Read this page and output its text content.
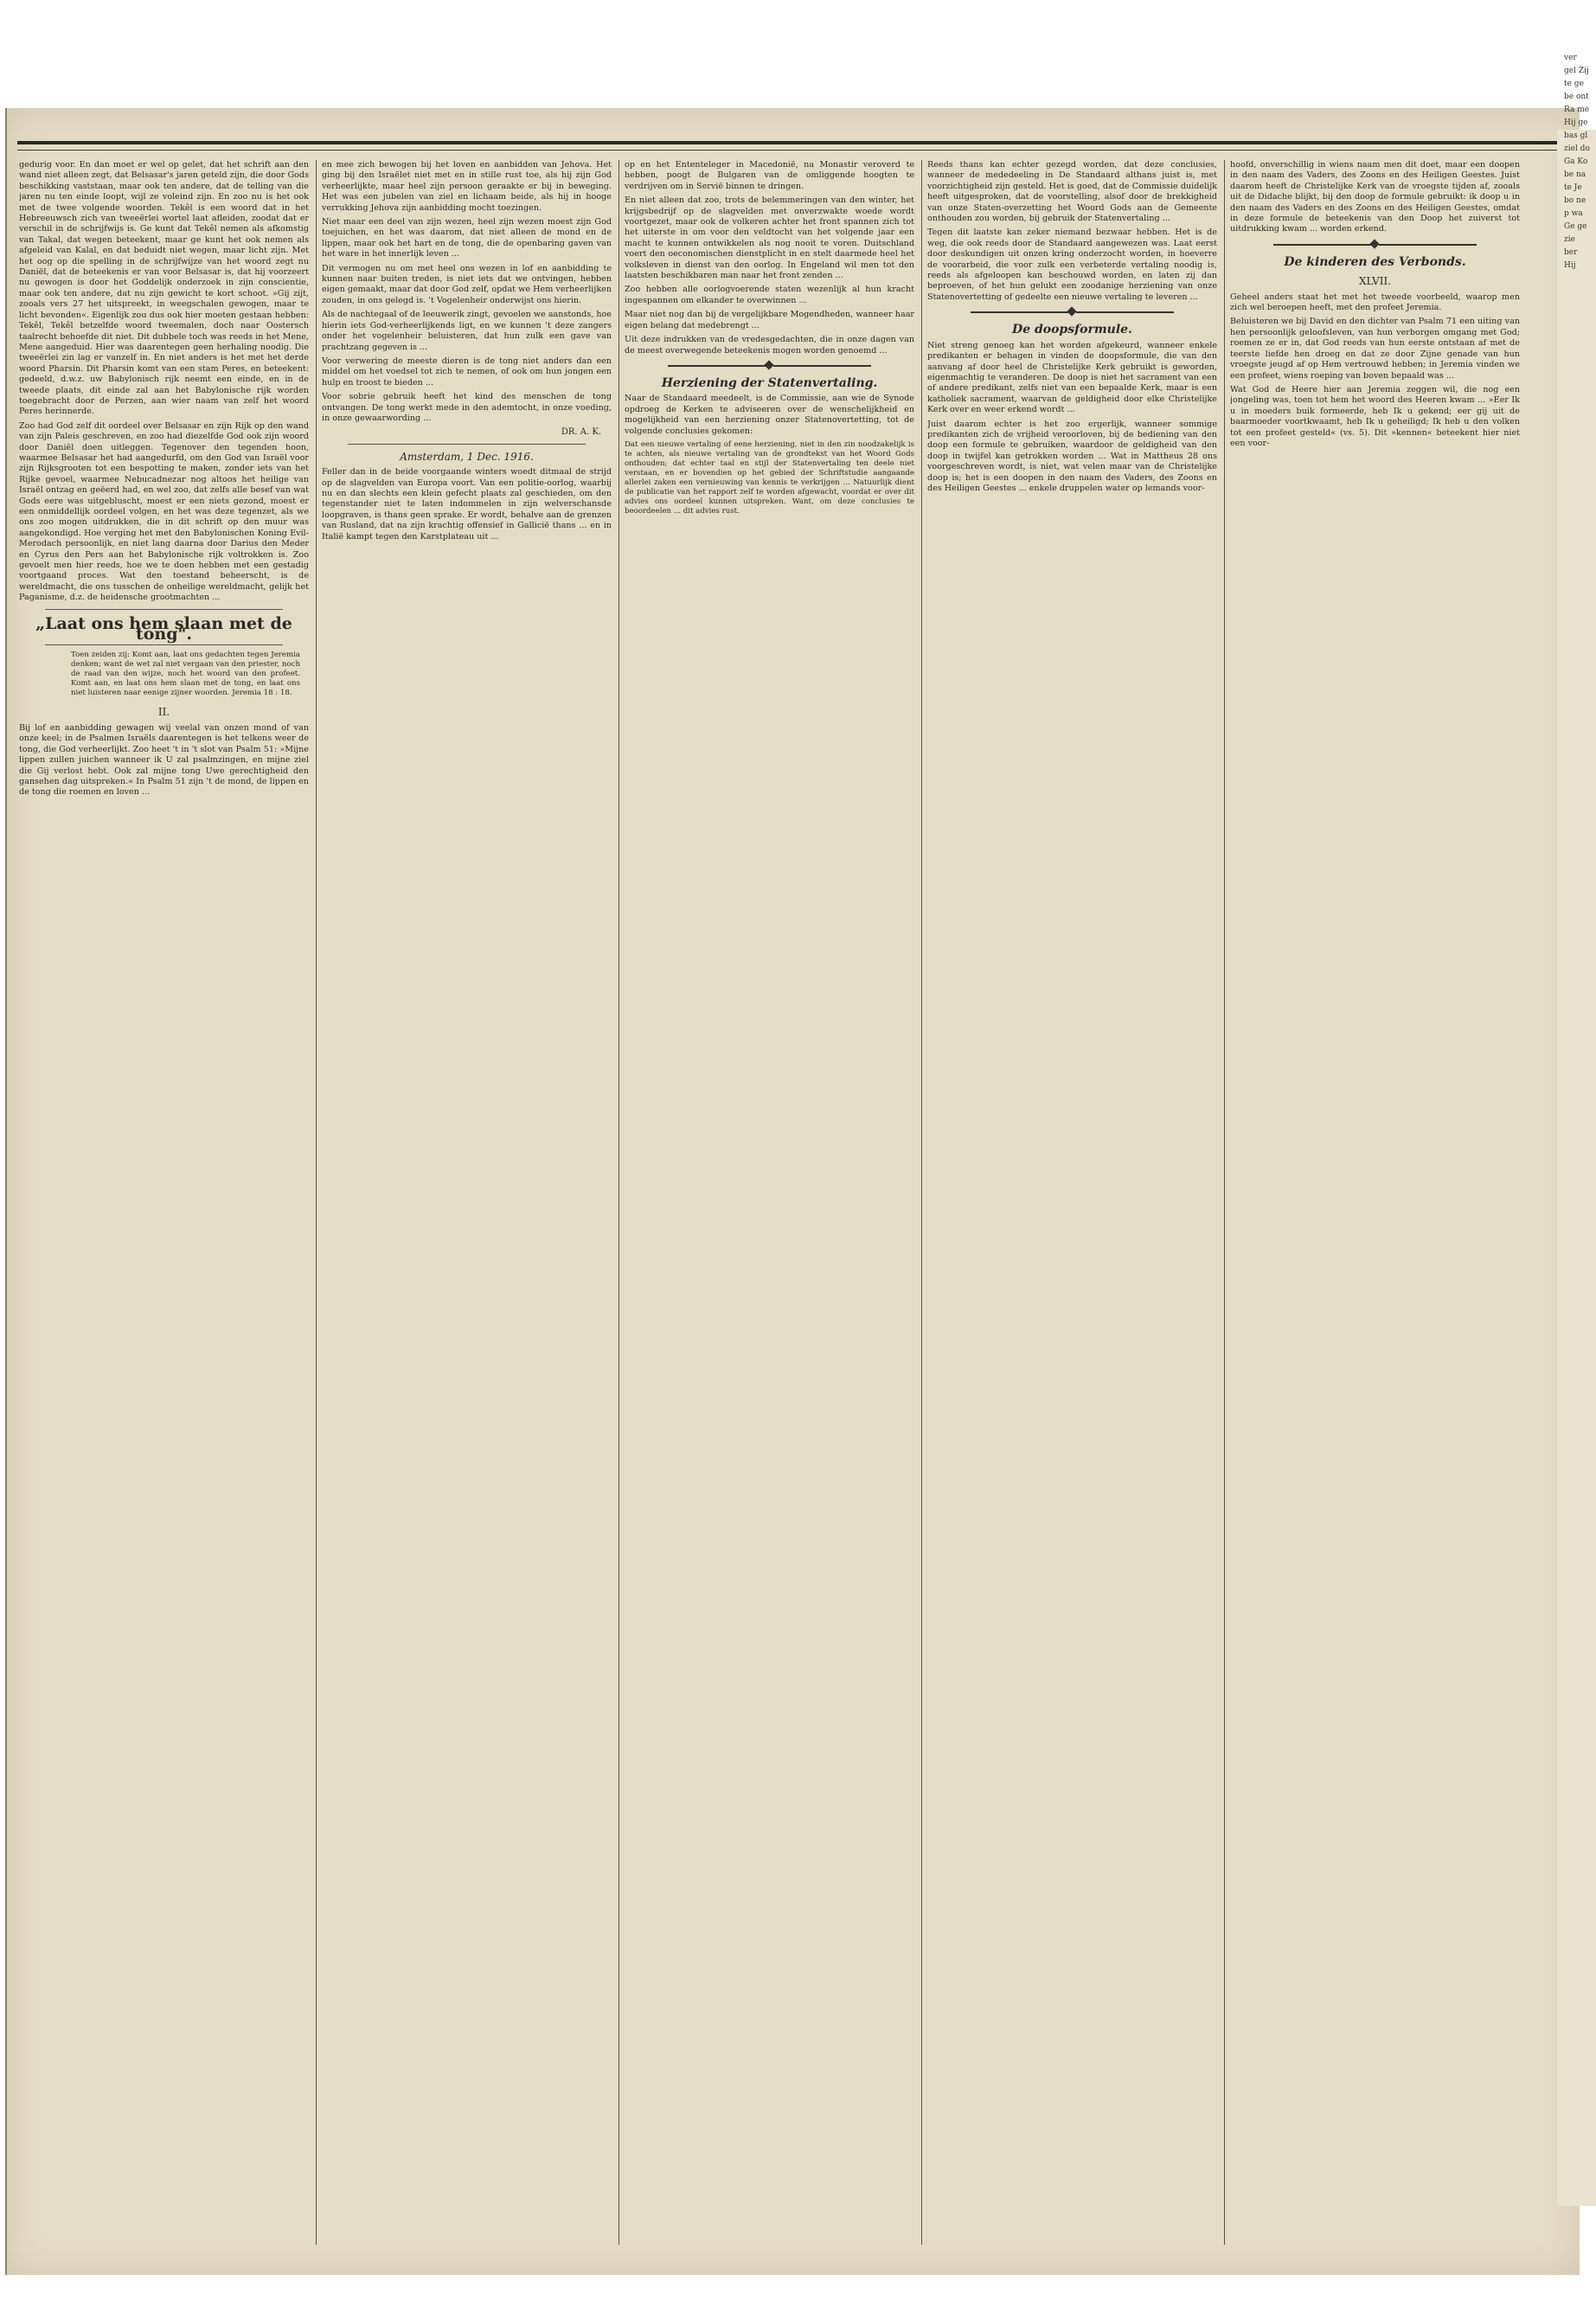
gedurig voor. En dan moet er wel op gelet, dat het schrift aan den wand niet alleen zegt, dat Belsasar's jaren geteld zijn, die door Gods beschikking vaststaan, maar ook ten andere, dat de telling van die jaren nu ten einde loopt, wijl ze voleind zijn. En zoo nu is het ook met de twee volgende woorden. Tekêl is een woord dat in het Hebreeuwsch zich van tweeërlei wortel laat afleiden, zoodat dat er verschil in de schrijfwijs is. Ge kunt dat Tekêl nemen als afkomstig van Takal, dat wegen beteekent, maar ge kunt het ook nemen als afgeleid van Kalal, en dat beduidt niet wegen, maar licht zijn. Met het oog op die spelling in de schrijfwijze van het woord zegt nu Daniël, dat de beteekenis er van voor Belsasar is, dat hij voorzeert nu gewogen is door het Goddelijk onderzoek in zijn conscientie, maar ook ten andere, dat nu zijn gewicht te kort schoot. »Gij zijt, zooals vers 27 het uitspreekt, in weegschalen gewogen, maar te licht bevonden«. Eigenlijk zou dus ook hier moeten gestaan hebben: Tekêl, Tekêl betzelfde woord tweemalen, doch naar Oostersch taalrecht behoefde dit niet. Dit dubbele toch was reeds in het Mene, Mene aangeduid. Hier was daarentegen geen herhaling noodig. Die tweeërlei zin lag er vanzelf in. En niet anders is het met het derde woord Pharsin. Dit Pharsin komt van een stam Peres, en beteekent: gedeeld, d.w.z. uw Babylonisch rijk neemt een einde, en in de tweede plaats, dit einde zal aan het Babylonische rijk worden toegebracht door de Perzen, aan wier naam van zelf het woord Peres herinnerde.
Zoo had God zelf dit oordeel over Belsasar en zijn Rijk op den wand van zijn Paleis geschreven, en zoo had diezelfde God ook zijn woord door Daniël doen uitleggen. Tegenover den tegenden hoon, waarmee Belsasar het had aangedurfd, om den God van Israël voor zijn Rijksgrooten tot een bespotting te maken, zonder iets van het Rijke gevoel, waarmee Nebucadnezar nog altoos het heilige van Israël ontzag en geëerd had, en wel zoo, dat zelfs alle besef van wat Gods eere was uitgebluscht, moest er een niets gezond, moest er een onmiddellijk oordeel volgen, en het was deze tegenzet, als we ons zoo mogen uitdrukken, die in dit schrift op den muur was aangekondigd. Hoe verging het met den Babylonischen Koning Evil-Merodach persoonlijk, en niet lang daarna door Darius den Meder en Cyrus den Pers aan het Babylonische rijk voltrokken is. Zoo gevoelt men hier reeds, hoe we te doen hebben met een gestadig voortgaand proces. Wat den toestand beheerscht, is de wereldmacht, die ons tusschen de onheilige wereldmacht, gelijk het Paganisme, d.z. de heidensche grootmachten ...
„Laat ons hem slaan met de tong".
Toen zeiden zij: Komt aan, laat ons gedachten tegen Jeremia denken; want de wet zal niet vergaan van den priester, noch de raad van den wijze, noch het woord van den profeet. Komt aan, en laat ons hem slaan met de tong, en laat ons niet luisteren naar eenige zijner woorden. Jeremia 18 : 18.
II.
Bij lof en aanbidding gewagen wij veelal van onzen mond of van onze keel; in de Psalmen Israëls daarentegen is het telkens weer de tong, die God verheerlijkt. Zoo heet 't in 't slot van Psalm 51: »Mijne lippen zullen juichen wanneer ik U zal psalmzingen, en mijne ziel die Gij verlost hebt. Ook zal mijne tong Uwe gerechtigheid den gansehen dag uitspreken.« In Psalm 51 zijn 't de mond, de lippen en de tong die roemen en loven ...
en mee zich bewogen bij het loven en aanbidden van Jehova. Het ging bij den Israëlet niet met en in stille rust toe, als hij zijn God verheerlijkte, maar heel zijn persoon geraakte er bij in beweging. Het was een jubelen van ziel en lichaam beide, als hij in hooge verrukking Jehova zijn aanbidding mocht toezingen.
Niet maar een deel van zijn wezen, heel zijn wezen moest zijn God toejuichen, en het was daarom, dat niet alleen de mond en de lippen, maar ook het hart en de tong, die de openbaring gaven van het ware in het innerlijk leven ...
Dit vermogen nu om met heel ons wezen in lof en aanbidding te kunnen naar buiten treden, is niet iets dat we ontvingen, hebben eigen gemaakt, maar dat door God zelf, opdat we Hem verheerlijken zouden, in ons gelegd is. 't Vogelenheir onderwijst ons hierin.
Als de nachtegaal of de leeuwerik zingt, gevoelen we aanstonds, hoe hierin iets God-verheerlijkends ligt, en we kunnen 't deze zangers onder het vogelenheir beluisteren, dat hun zulk een gave van prachtzang gegeven is ...
Voor verwering de meeste dieren is de tong niet anders dan een middel om het voedsel tot zich te nemen, of ook om hun jongen een hulp en troost te bieden ...
Voor sobrie gebruik heeft het kind des menschen de tong ontvangen. De tong werkt mede in den ademtocht, in onze voeding, in onze gewaarwording ...
DR. A. K.
Amsterdam, 1 Dec. 1916.
Feller dan in de beide voorgaande winters woedt ditmaal de strijd op de slagvelden van Europa voort. Van een politie-oorlog, waarbij nu en dan slechts een klein gefecht plaats zal geschieden, om den tegenstander niet te laten indommelen in zijn welverschansde loopgraven, is thans geen sprake. Er wordt, behalve aan de grenzen van Rusland, dat na zijn krachtig offensief in Gallicië thans ... en in Italië kampt tegen den Karstplateau uit ...
op en het Ententeleger in Macedonië, na Monastir veroverd te hebben, poogt de Bulgaren van de omliggende hoogten te verdrijven om in Servië binnen te dringen.
En niet alleen dat zoo, trots de belemmeringen van den winter, het krijgsbedrijf op de slagvelden met onverzwakte woede wordt voortgezet, maar ook de volkeren achter het front spannen zich tot het uiterste in om voor den veldtocht van het volgende jaar een macht te kunnen ontwikkelen als nog nooit te voren. Duitschland voert den oeconomischen dienstplicht in en stelt daarmede heel het volksleven in dienst van den oorlog. In Engeland wil men tot den laatsten beschikbaren man naar het front zenden ...
Zoo hebben alle oorlogvoerende staten wezenlijk al hun kracht ingespannen om elkander te overwinnen ...
Maar niet nog dan bij de vergelijkbare Mogendheden, wanneer haar eigen belang dat medebrengt ...
Uit deze indrukken van de vredesgedachten, die in onze dagen van de meest overwegende beteekenis mogen worden genoemd ...
Herziening der Statenvertaling.
Naar de Standaard meedeelt, is de Commissie, aan wie de Synode opdroeg de Kerken te adviseeren over de wenschelijkheid en mogelijkheid van een herziening onzer Statenovertetting, tot de volgende conclusies gekomen:
Dat een nieuwe vertaling of eene herziening, niet in den zin noodzakelijk is te achten, als nieuwe vertaling van de grondtekst van het Woord Gods onthouden; dat echter taal en stijl der Statenvertaling ten deele niet verstaan, en er bovendien op het gebied der Schriftstudie aangaande allerlei zaken een vernieuwing van kennis te verkrijgen ... Natuurlijk dient de publicatie van het rapport zelf te worden afgewacht, voordat er over dit advies ons oordeel kunnen uitspreken. Want, om deze conclusies te beoordeelen ... dit advies rust.
Reeds thans kan echter gezegd worden, dat deze conclusies, wanneer de mededeeling in De Standaard althans juist is, met voorzichtigheid zijn gesteld. Het is goed, dat de Commissie duidelijk heeft uitgesproken, dat de voorstelling, alsof door de brekkigheid van onze Staten-overzetting het Woord Gods aan de Gemeente onthouden zou worden, bij gebruik der Statenvertaling ...
Tegen dit laatste kan zeker niemand bezwaar hebben. Het is de weg, die ook reeds door de Standaard aangewezen was. Laat eerst door deskundigen uit onzen kring onderzocht worden, in hoeverre de voorarbeid, die voor zulk een verbeterde vertaling noodig is, reeds als afgeloopen kan beschouwd worden, en laten zij dan beproeven, of het hun gelukt een zoodanige herziening van onze Statenovertetting of gedeelte een nieuwe vertaling te leveren ...
De doopsformule.
Niet streng genoeg kan het worden afgekeurd, wanneer enkele predikanten er behagen in vinden de doopsformule, die van den aanvang af door heel de Christelijke Kerk gebruikt is geworden, eigenmachtig te veranderen. De doop is niet het sacrament van een of andere predikant, zelfs niet van een bepaalde Kerk, maar is een katholiek sacrament, waarvan de geldigheid door elke Christelijke Kerk over en weer erkend wordt ...
Juist daarom echter is het zoo ergerlijk, wanneer sommige predikanten zich de vrijheid veroorloven, bij de bediening van den doop een formule te gebruiken, waardoor de geldigheid van den doop in twijfel kan getrokken worden ... Wat in Mattheus 28 ons voorgeschreven wordt, is niet, wat velen maar van de Christelijke doop is; het is een doopen in den naam des Vaders, des Zoons en des Heiligen Geestes ... enkele druppelen water op lemands voor-
hoofd, onverschillig in wiens naam men dit doet, maar een doopen in den naam des Vaders, des Zoons en des Heiligen Geestes. Juist daarom heeft de Christelijke Kerk van de vroegste tijden af, zooals uit de Didache blijkt, bij den doop de formule gebruikt: ik doop u in den naam des Vaders en des Zoons en des Heiligen Geestes, omdat in deze formule de beteekenis van den Doop het zuiverst tot uitdrukking kwam ... worden erkend.
De kinderen des Verbonds.
XLVII.
Geheel anders staat het met het tweede voorbeeld, waarop men zich wel beroepen heeft, met den profeet Jeremia.
Beluisteren we bij David en den dichter van Psalm 71 een uiting van hen persoonlijk geloofsleven, van hun verborgen omgang met God; roemen ze er in, dat God reeds van hun eerste ontstaan af met de teerste liefde hen droeg en dat ze door Zijne genade van hun vroegste jeugd af op Hem vertrouwd hebben; in Jeremia vinden we een profeet, wiens roeping van boven bepaald was ...
Wat God de Heere hier aan Jeremia zeggen wil, die nog een jongeling was, toen tot hem het woord des Heeren kwam ... »Eer Ik u in moeders buik formeerde, heb Ik u gekend; eer gij uit de baarmoeder voortkwaamt, heb Ik u geheiligd; Ik heb u den volken tot een profeet gesteld« (vs. 5). Dit »kennen« beteekent hier niet een voor-
ver gel Zij te ge be ont Ra me Hij ge bas gl ziel do Ga Ko be na te Je bo ne p wa Ge ge zie ber Hij
